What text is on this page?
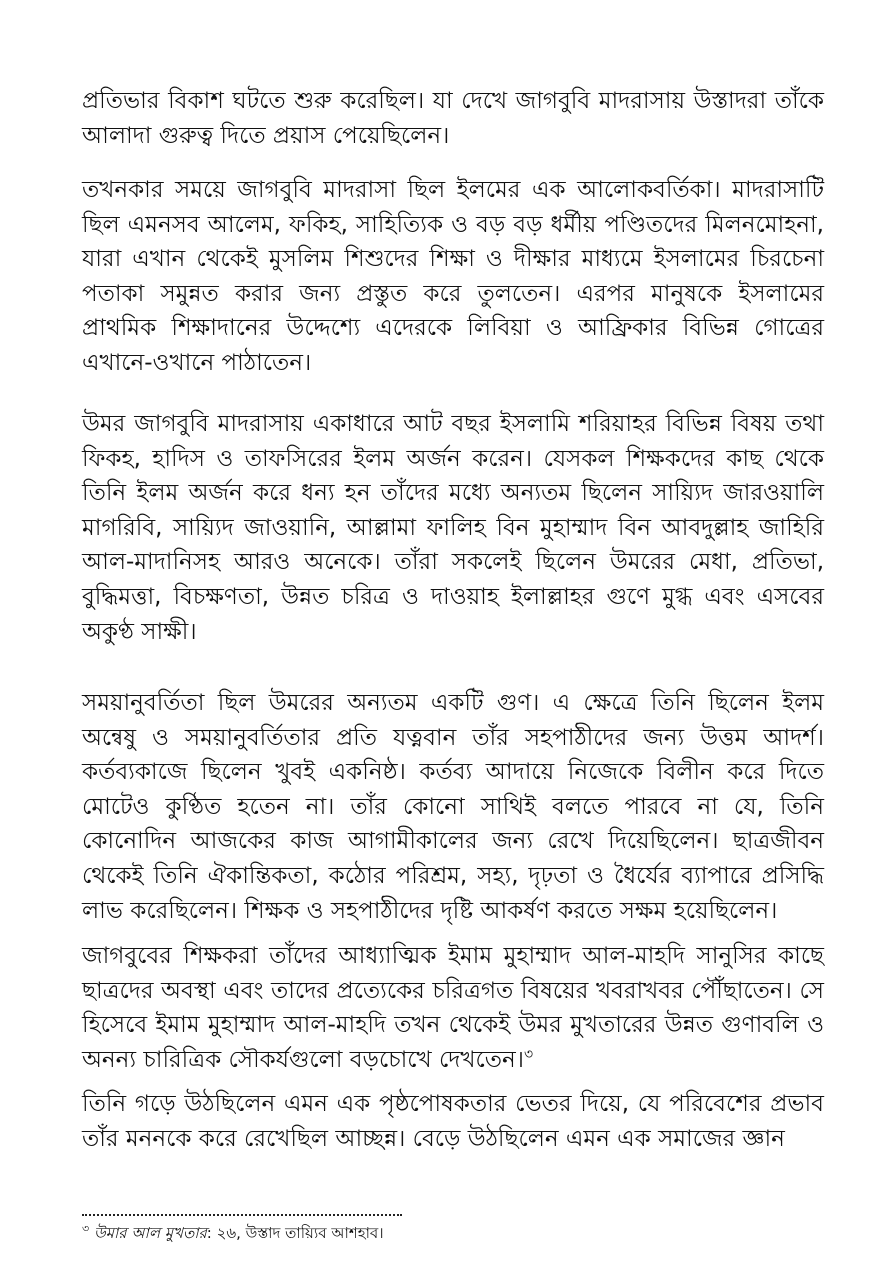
প্রতিভার বিকাশ ঘটতে শুরু করেছিল। যা দেখে জাগবুবি মাদরাসায় উস্তাদরা তাঁকে আলাদা গুরুত্ব দিতে প্রয়াস পেয়েছিলেন।

তখনকার সময়ে জাগবুবি মাদরাসা ছিল ইলমের এক আলোকবর্তিকা। মাদরাসাটি ছিল এমনসব আলেম, ফকিহ, সাহিত্যিক ও বড় বড় ধর্মীয় পণ্ডিতদের মিলনমোহনা, যারা এখান থেকেই মুসলিম শিশুদের শিক্ষা ও দীক্ষার মাধ্যমে ইসলামের চিরচেনা পতাকা সমুন্নত করার জন্য প্রস্তুত করে তুলতেন। এরপর মানুষকে ইসলামের প্রাথমিক শিক্ষাদানের উদ্দেশ্যে এদেরকে লিবিয়া ও আফ্রিকার বিভিন্ন গোত্রের এখানে-ওখানে পাঠাতেন।

উমর জাগবুবি মাদরাসায় একাধারে আট বছর ইসলামি শরিয়াহর বিভিন্ন বিষয় তথা ফিকহ, হাদিস ও তাফসিরের ইলম অর্জন করেন। যেসকল শিক্ষকদের কাছ থেকে তিনি ইলম অর্জন করে ধন্য হন তাঁদের মধ্যে অন্যতম ছিলেন সায়্যিদ জারওয়ালি মাগরিবি, সায়্যিদ জাওয়ানি, আল্লামা ফালিহ বিন মুহাম্মাদ বিন আবদুল্লাহ জাহিরি আল-মাদানিসহ আরও অনেকে। তাঁরা সকলেই ছিলেন উমরের মেধা, প্রতিভা, বুদ্ধিমত্তা, বিচক্ষণতা, উন্নত চরিত্র ও দাওয়াহ ইলাল্লাহর গুণে মুগ্ধ এবং এসবের অকুণ্ঠ সাক্ষী।

সময়ানুবর্তিতা ছিল উমরের অন্যতম একটি গুণ। এ ক্ষেত্রে তিনি ছিলেন ইলম অন্বেষু ও সময়ানুবর্তিতার প্রতি যত্নবান তাঁর সহপাঠীদের জন্য উত্তম আদর্শ। কর্তব্যকাজে ছিলেন খুবই একনিষ্ঠ। কর্তব্য আদায়ে নিজেকে বিলীন করে দিতে মোটেও কুণ্ঠিত হতেন না। তাঁর কোনো সাথিই বলতে পারবে না যে, তিনি কোনোদিন আজকের কাজ আগামীকালের জন্য রেখে দিয়েছিলেন। ছাত্রজীবন থেকেই তিনি ঐকান্তিকতা, কঠোর পরিশ্রম, সহ্য, দৃঢ়তা ও ধৈর্যের ব্যাপারে প্রসিদ্ধি লাভ করেছিলেন। শিক্ষক ও সহপাঠীদের দৃষ্টি আকর্ষণ করতে সক্ষম হয়েছিলেন।

জাগবুবের শিক্ষকরা তাঁদের আধ্যাত্মিক ইমাম মুহাম্মাদ আল-মাহদি সানুসির কাছে ছাত্রদের অবস্থা এবং তাদের প্রত্যেকের চরিত্রগত বিষয়ের খবরাখবর পৌঁছাতেন। সে হিসেবে ইমাম মুহাম্মাদ আল-মাহদি তখন থেকেই উমর মুখতারের উন্নত গুণাবলি ও অনন্য চারিত্রিক সৌকর্যগুলো বড়চোখে দেখতেন।$^৩$

তিনি গড়ে উঠছিলেন এমন এক পৃষ্ঠপোষকতার ভেতর দিয়ে, যে পরিবেশের প্রভাব তাঁর মননকে করে রেখেছিল আচ্ছন্ন। বেড়ে উঠছিলেন এমন এক সমাজের জ্ঞান

$^৩$ উমার আল মুখতার: ২৬, উস্তাদ তায়্যিব আশহাব।
